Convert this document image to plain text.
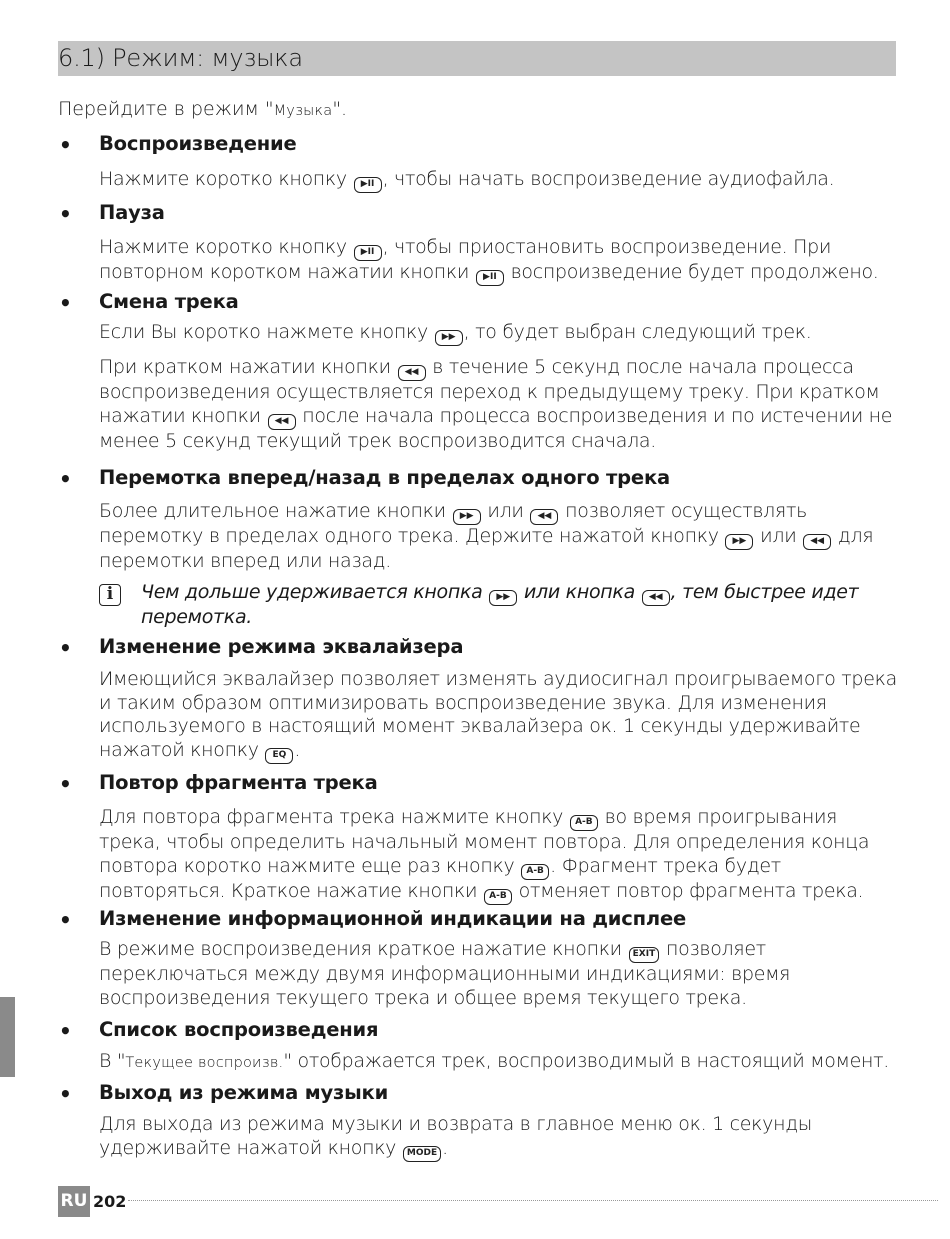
6.1) Режим: музыка
Перейдите в режим "Музыка".
• Воспроизведение
Нажмите коротко кнопку ▶II , чтобы начать воспроизведение аудиофайла.
• Пауза
Нажмите коротко кнопку ▶II , чтобы приостановить воспроизведение. При повторном коротком нажатии кнопки ▶II воспроизведение будет продолжено.
• Смена трека
Если Вы коротко нажмете кнопку ▶▶ , то будет выбран следующий трек.
При кратком нажатии кнопки ◀◀ в течение 5 секунд после начала процесса воспроизведения осуществляется переход к предыдущему треку. При кратком нажатии кнопки ◀◀ после начала процесса воспроизведения и по истечении не менее 5 секунд текущий трек воспроизводится сначала.
• Перемотка вперед/назад в пределах одного трека
Более длительное нажатие кнопки ▶▶ или ◀◀ позволяет осуществлять перемотку в пределах одного трека. Держите нажатой кнопку ▶▶ или ◀◀ для перемотки вперед или назад.
i	Чем дольше удерживается кнопка ▶▶ или кнопка ◀◀ , тем быстрее идет перемотка.
• Изменение режима эквалайзера
Имеющийся эквалайзер позволяет изменять аудиосигнал проигрываемого трека и таким образом оптимизировать воспроизведение звука. Для изменения используемого в настоящий момент эквалайзера ок. 1 секунды удерживайте нажатой кнопку EQ .
• Повтор фрагмента трека
Для повтора фрагмента трека нажмите кнопку A-B во время проигрывания трека, чтобы определить начальный момент повтора. Для определения конца повтора коротко нажмите еще раз кнопку A-B . Фрагмент трека будет повторяться. Краткое нажатие кнопки A-B отменяет повтор фрагмента трека.
• Изменение информационной индикации на дисплее
В режиме воспроизведения краткое нажатие кнопки EXIT позволяет переключаться между двумя информационными индикациями: время воспроизведения текущего трека и общее время текущего трека.
• Список воспроизведения
В "Текущее воспроизв." отображается трек, воспроизводимый в настоящий момент.
• Выход из режима музыки
Для выхода из режима музыки и возврата в главное меню ок. 1 секунды удерживайте нажатой кнопку MODE .
RU 202
